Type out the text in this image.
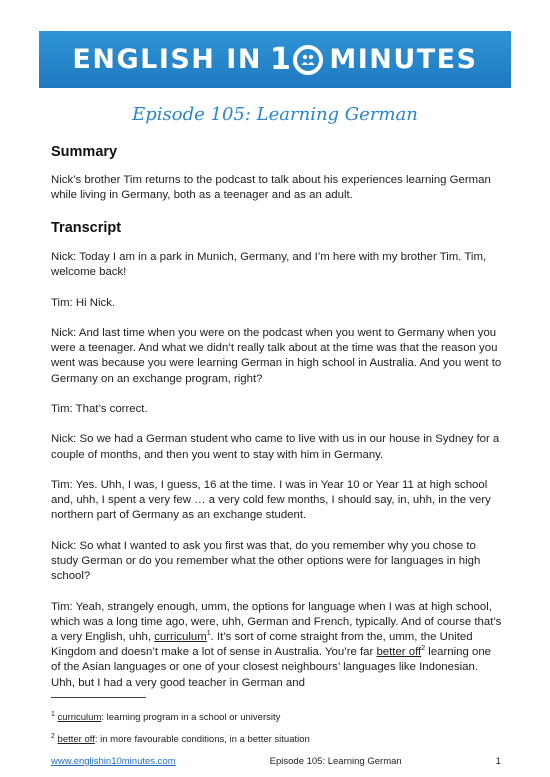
ENGLISH IN 1 MINUTES
Episode 105: Learning German
Summary

Nick’s brother Tim returns to the podcast to talk about his experiences learning German while living in Germany, both as a teenager and as an adult.

Transcript

Nick: Today I am in a park in Munich, Germany, and I’m here with my brother Tim. Tim, welcome back!

Tim: Hi Nick.

Nick: And last time when you were on the podcast when you went to Germany when you were a teenager. And what we didn’t really talk about at the time was that the reason you went was because you were learning German in high school in Australia. And you went to Germany on an exchange program, right?

Tim: That’s correct.

Nick: So we had a German student who came to live with us in our house in Sydney for a couple of months, and then you went to stay with him in Germany.

Tim: Yes. Uhh, I was, I guess, 16 at the time. I was in Year 10 or Year 11 at high school and, uhh, I spent a very few … a very cold few months, I should say, in, uhh, in the very northern part of Germany as an exchange student.

Nick: So what I wanted to ask you first was that, do you remember why you chose to study German or do you remember what the other options were for languages in high school?

Tim: Yeah, strangely enough, umm, the options for language when I was at high school, which was a long time ago, were, uhh, German and French, typically. And of course that’s a very English, uhh, curriculum$^1$. It’s sort of come straight from the, umm, the United Kingdom and doesn’t make a lot of sense in Australia. You’re far better off$^2$ learning one of the Asian languages or one of your closest neighbours’ languages like Indonesian. Uhh, but I had a very good teacher in German and

$^1$ curriculum: learning program in a school or university
$^2$ better off: in more favourable conditions, in a better situation
www.englishin10minutes.com	Episode 105: Learning German	1
